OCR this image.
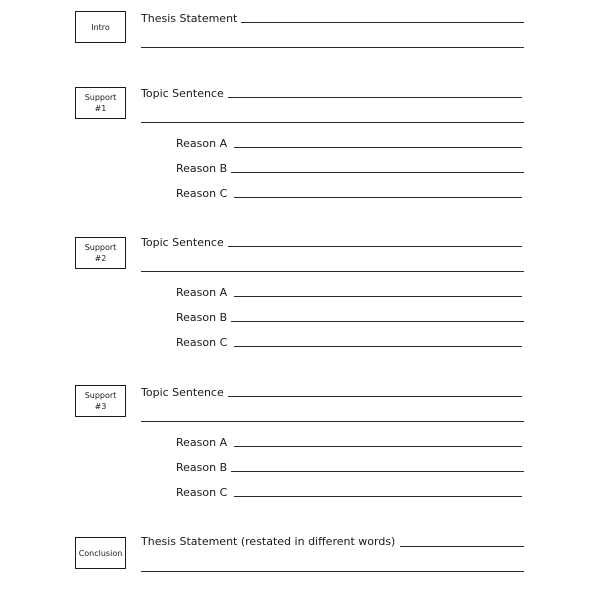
Intro
Thesis Statement
Support
#1
Topic Sentence
Reason A
Reason B
Reason C
Support
#2
Topic Sentence
Reason A
Reason B
Reason C
Support
#3
Topic Sentence
Reason A
Reason B
Reason C
Conclusion
Thesis Statement (restated in different words)
